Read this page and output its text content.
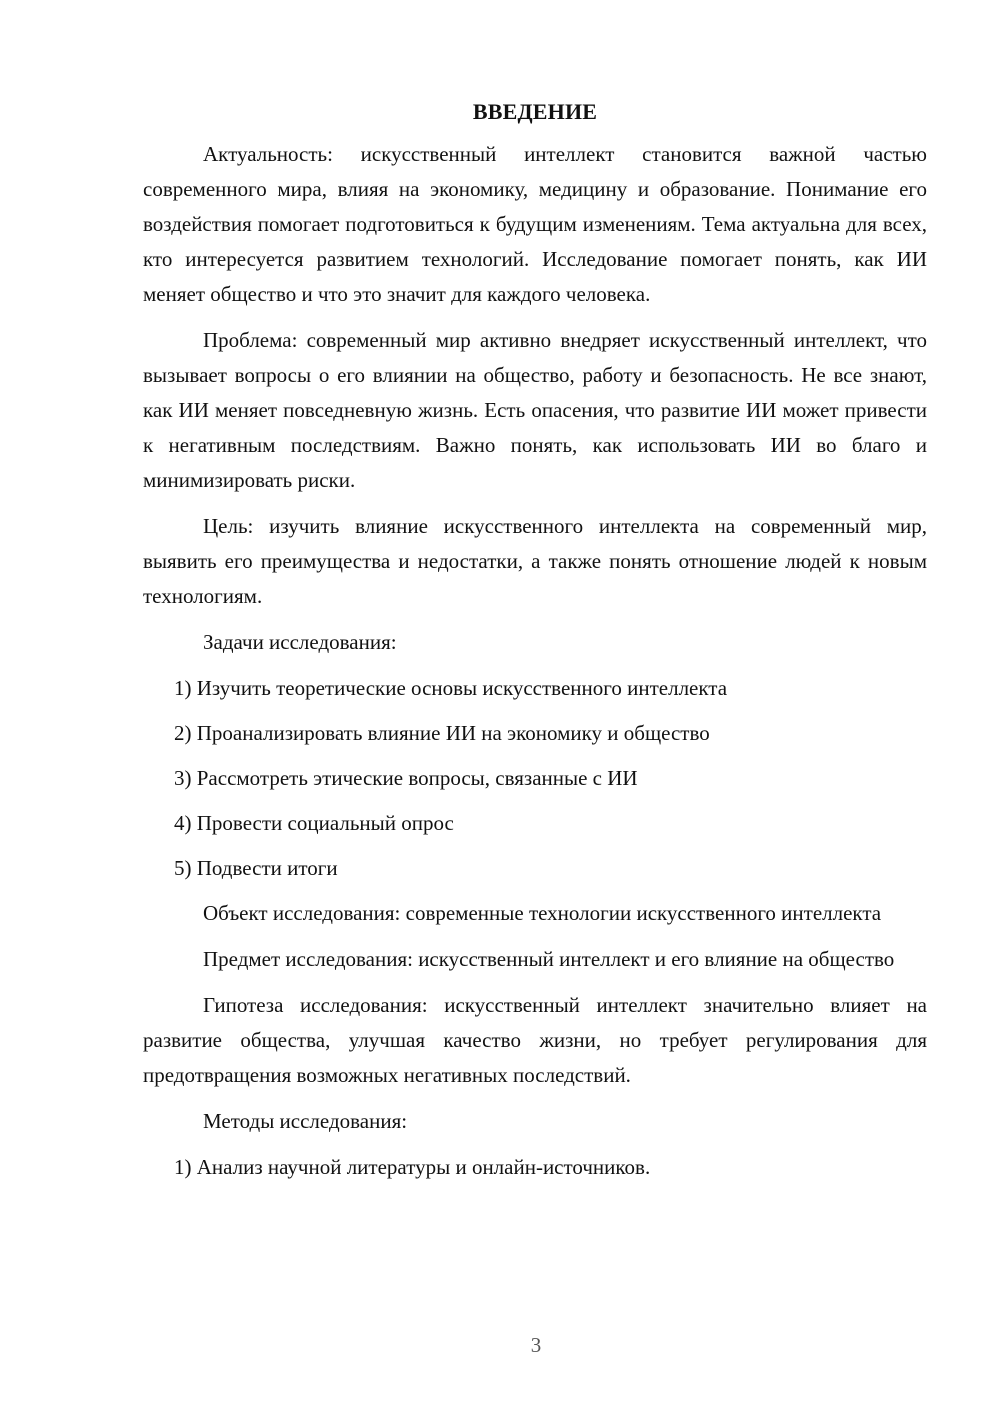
ВВЕДЕНИЕ

Актуальность: искусственный интеллект становится важной частью современного мира, влияя на экономику, медицину и образование. Понимание его воздействия помогает подготовиться к будущим изменениям. Тема актуальна для всех, кто интересуется развитием технологий. Исследование помогает понять, как ИИ меняет общество и что это значит для каждого человека.

Проблема: современный мир активно внедряет искусственный интеллект, что вызывает вопросы о его влиянии на общество, работу и безопасность. Не все знают, как ИИ меняет повседневную жизнь. Есть опасения, что развитие ИИ может привести к негативным последствиям. Важно понять, как использовать ИИ во благо и минимизировать риски.

Цель: изучить влияние искусственного интеллекта на современный мир, выявить его преимущества и недостатки, а также понять отношение людей к новым технологиям.

Задачи исследования:

1) Изучить теоретические основы искусственного интеллекта
2) Проанализировать влияние ИИ на экономику и общество
3) Рассмотреть этические вопросы, связанные с ИИ
4) Провести социальный опрос
5) Подвести итоги

Объект исследования: современные технологии искусственного интеллекта

Предмет исследования: искусственный интеллект и его влияние на общество

Гипотеза исследования: искусственный интеллект значительно влияет на развитие общества, улучшая качество жизни, но требует регулирования для предотвращения возможных негативных последствий.

Методы исследования:

1) Анализ научной литературы и онлайн-источников.
3
